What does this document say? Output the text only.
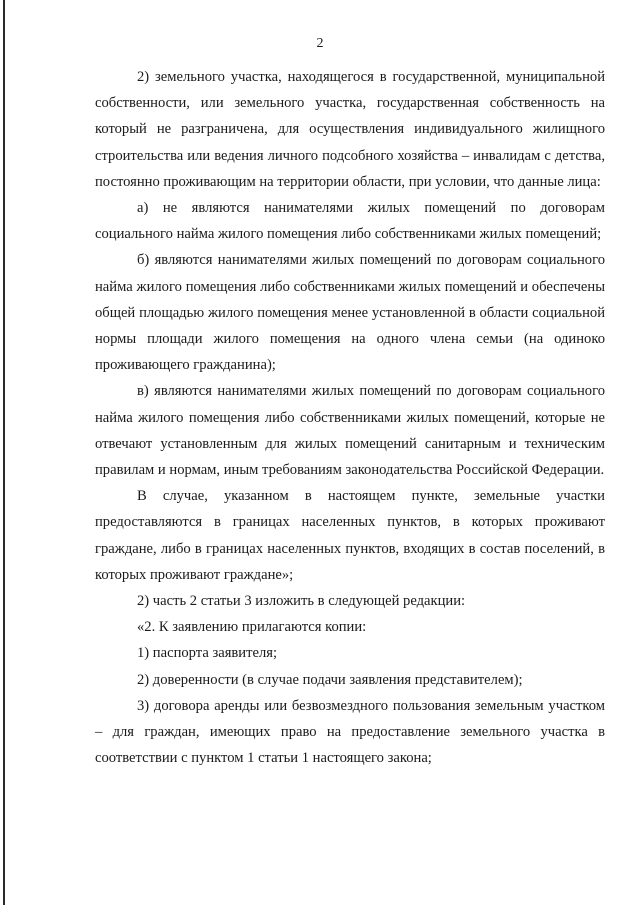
2

2) земельного участка, находящегося в государственной, муниципальной собственности, или земельного участка, государственная собственность на который не разграничена, для осуществления индивидуального жилищного строительства или ведения личного подсобного хозяйства – инвалидам с детства, постоянно проживающим на территории области, при условии, что данные лица:

а) не являются нанимателями жилых помещений по договорам социального найма жилого помещения либо собственниками жилых помещений;

б) являются нанимателями жилых помещений по договорам социального найма жилого помещения либо собственниками жилых помещений и обеспечены общей площадью жилого помещения менее установленной в области социальной нормы площади жилого помещения на одного члена семьи (на одиноко проживающего гражданина);

в) являются нанимателями жилых помещений по договорам социального найма жилого помещения либо собственниками жилых помещений, которые не отвечают установленным для жилых помещений санитарным и техническим правилам и нормам, иным требованиям законодательства Российской Федерации.

В случае, указанном в настоящем пункте, земельные участки предоставляются в границах населенных пунктов, в которых проживают граждане, либо в границах населенных пунктов, входящих в состав поселений, в которых проживают граждане»;

2) часть 2 статьи 3 изложить в следующей редакции:

«2. К заявлению прилагаются копии:

1) паспорта заявителя;

2) доверенности (в случае подачи заявления представителем);

3) договора аренды или безвозмездного пользования земельным участком – для граждан, имеющих право на предоставление земельного участка в соответствии с пунктом 1 статьи 1 настоящего закона;
